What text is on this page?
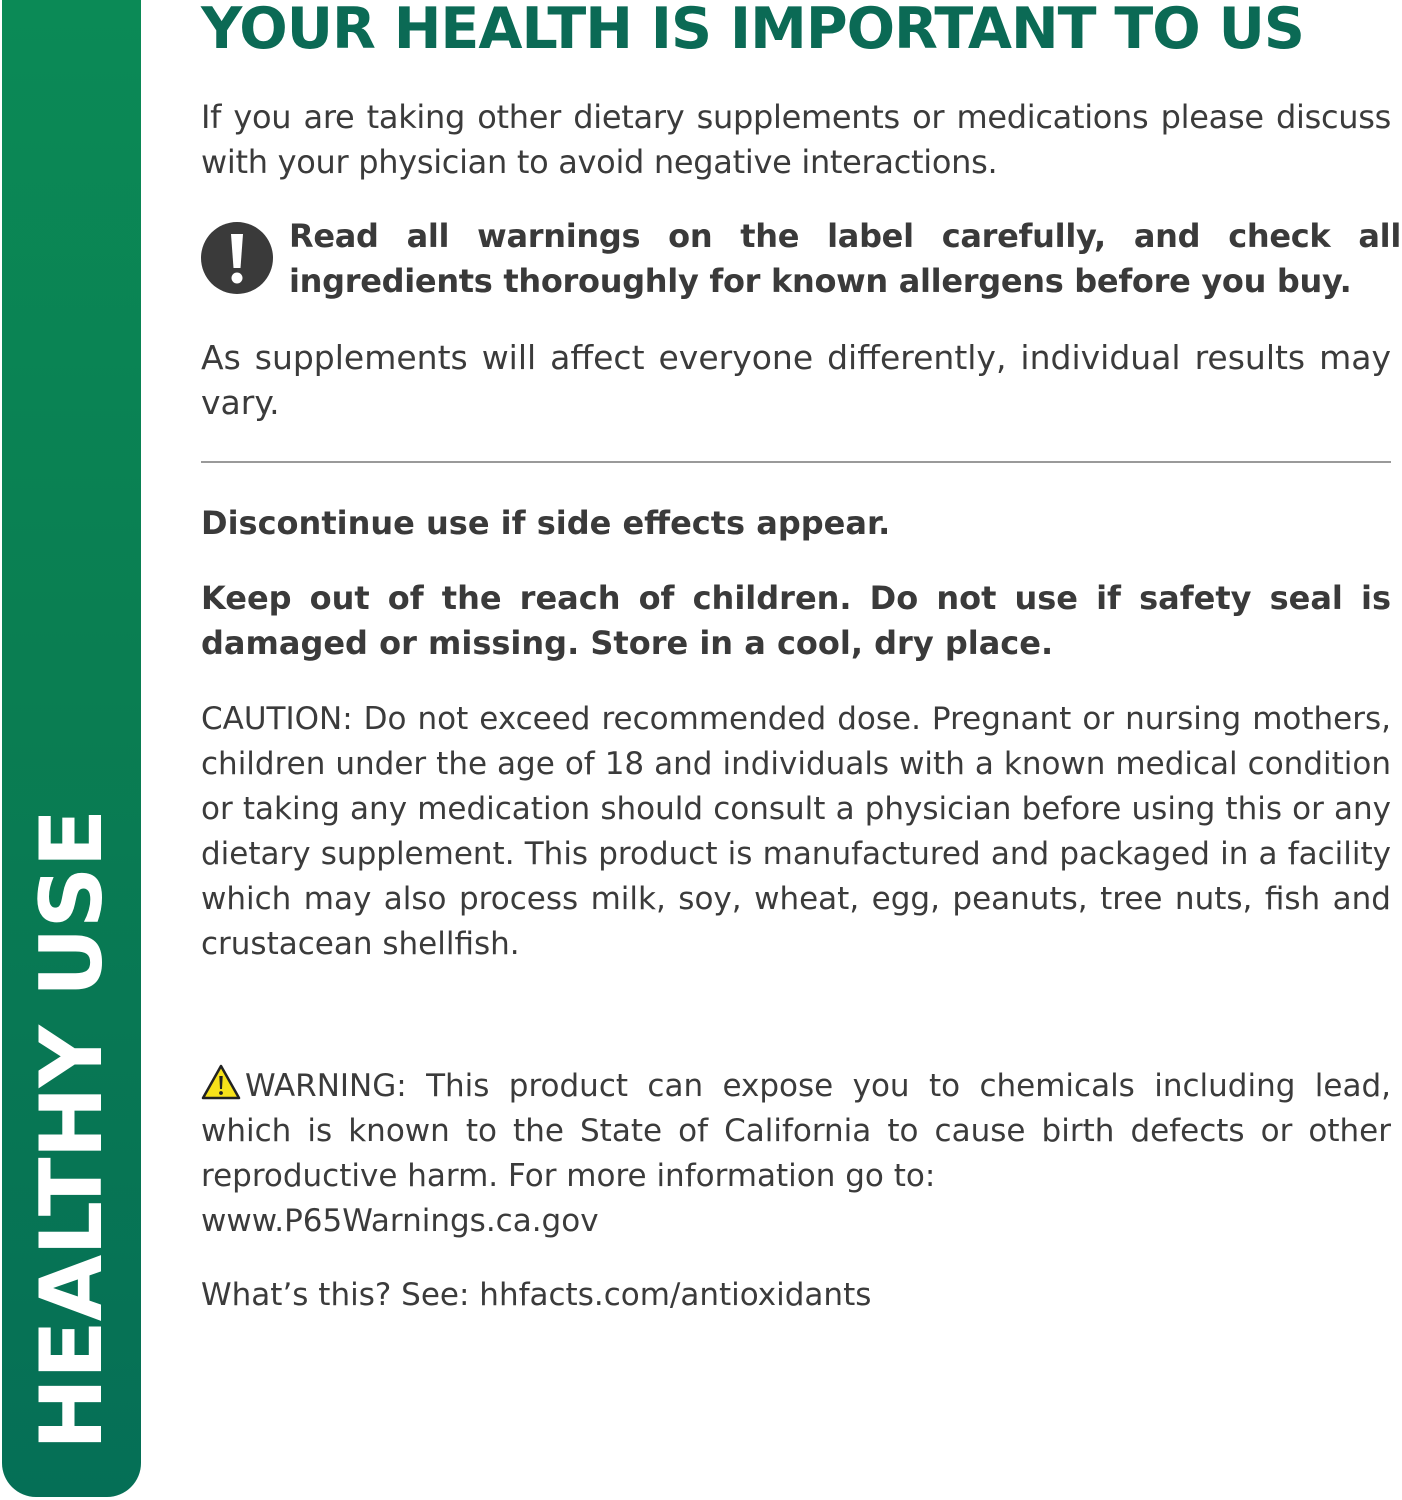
HEALTHY USE
YOUR HEALTH IS IMPORTANT TO US

If you are taking other dietary supplements or medications please discuss with your physician to avoid negative interactions.

Read all warnings on the label carefully, and check all ingredients thoroughly for known allergens before you buy.

As supplements will affect everyone differently, individual results may vary.

Discontinue use if side effects appear.

Keep out of the reach of children. Do not use if safety seal is damaged or missing. Store in a cool, dry place.

CAUTION: Do not exceed recommended dose. Pregnant or nursing mothers, children under the age of 18 and individuals with a known medical condition or taking any medication should consult a physician before using this or any dietary supplement. This product is manufactured and packaged in a facility which may also process milk, soy, wheat, egg, peanuts, tree nuts, fish and crustacean shellfish.

WARNING: This product can expose you to chemicals including lead, which is known to the State of California to cause birth defects or other reproductive harm. For more information go to:
www.P65Warnings.ca.gov

What’s this? See: hhfacts.com/antioxidants
